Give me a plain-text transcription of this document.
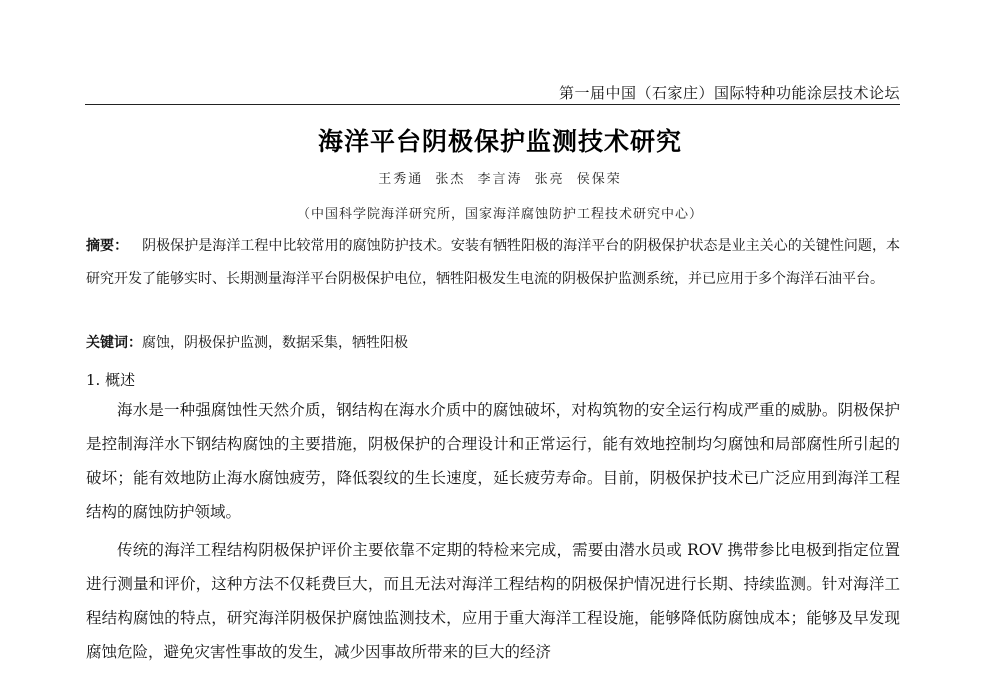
第一届中国（石家庄）国际特种功能涂层技术论坛
海洋平台阴极保护监测技术研究
王秀通 张杰 李言涛 张亮 侯保荣
（中国科学院海洋研究所，国家海洋腐蚀防护工程技术研究中心）
摘要： 阴极保护是海洋工程中比较常用的腐蚀防护技术。安装有牺牲阳极的海洋平台的阴极保护状态是业主关心的关键性问题，本研究开发了能够实时、长期测量海洋平台阴极保护电位，牺牲阳极发生电流的阴极保护监测系统，并已应用于多个海洋石油平台。
关键词：腐蚀，阴极保护监测，数据采集，牺牲阳极
1. 概述

海水是一种强腐蚀性天然介质，钢结构在海水介质中的腐蚀破坏，对构筑物的安全运行构成严重的威胁。阴极保护是控制海洋水下钢结构腐蚀的主要措施，阴极保护的合理设计和正常运行，能有效地控制均匀腐蚀和局部腐性所引起的破坏；能有效地防止海水腐蚀疲劳，降低裂纹的生长速度，延长疲劳寿命。目前，阴极保护技术已广泛应用到海洋工程结构的腐蚀防护领域。

传统的海洋工程结构阴极保护评价主要依靠不定期的特检来完成，需要由潜水员或 ROV 携带参比电极到指定位置进行测量和评价，这种方法不仅耗费巨大，而且无法对海洋工程结构的阴极保护情况进行长期、持续监测。针对海洋工程结构腐蚀的特点，研究海洋阴极保护腐蚀监测技术，应用于重大海洋工程设施，能够降低防腐蚀成本；能够及早发现腐蚀危险，避免灾害性事故的发生，减少因事故所带来的巨大的经济
